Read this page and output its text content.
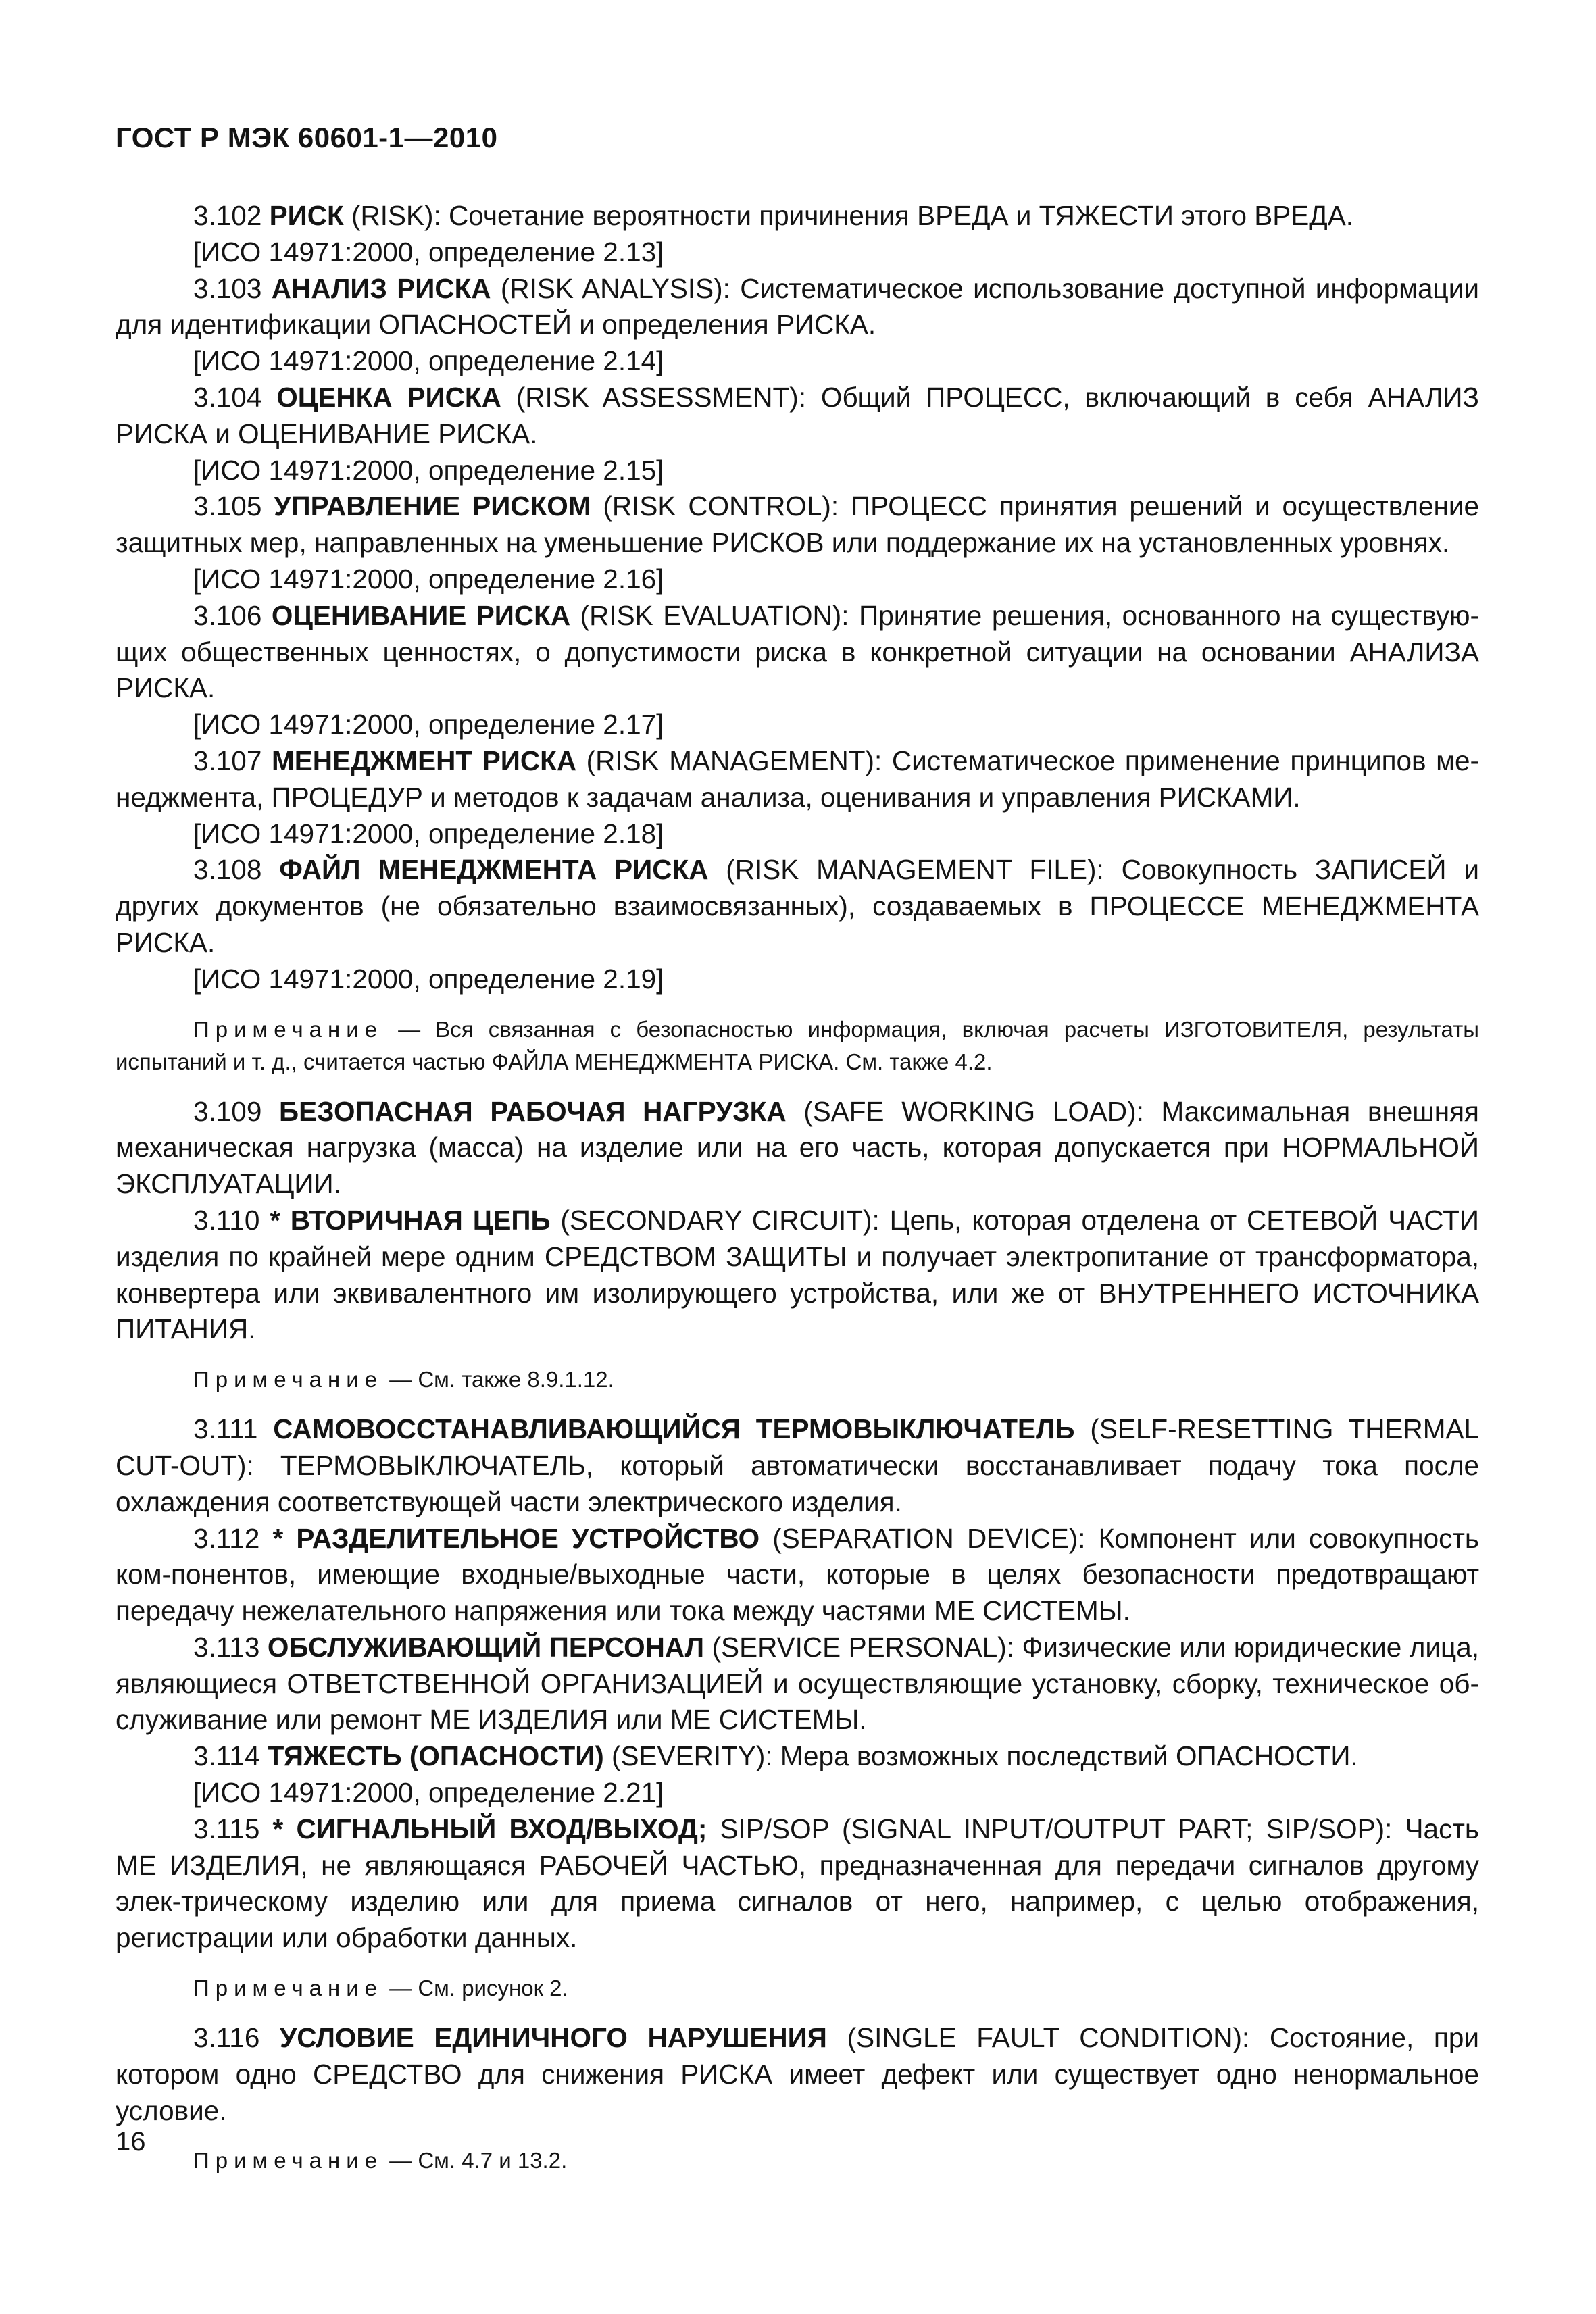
ГОСТ Р МЭК 60601-1—2010

3.102 РИСК (RISK): Сочетание вероятности причинения ВРЕДА и ТЯЖЕСТИ этого ВРЕДА.

[ИСО 14971:2000, определение 2.13]

3.103 АНАЛИЗ РИСКА (RISK ANALYSIS): Систематическое использование доступной информации для идентификации ОПАСНОСТЕЙ и определения РИСКА.

[ИСО 14971:2000, определение 2.14]

3.104 ОЦЕНКА РИСКА (RISK ASSESSMENT): Общий ПРОЦЕСС, включающий в себя АНАЛИЗ РИСКА и ОЦЕНИВАНИЕ РИСКА.

[ИСО 14971:2000, определение 2.15]

3.105 УПРАВЛЕНИЕ РИСКОМ (RISK CONTROL): ПРОЦЕСС принятия решений и осуществление защитных мер, направленных на уменьшение РИСКОВ или поддержание их на установленных уровнях.

[ИСО 14971:2000, определение 2.16]

3.106 ОЦЕНИВАНИЕ РИСКА (RISK EVALUATION): Принятие решения, основанного на существую-щих общественных ценностях, о допустимости риска в конкретной ситуации на основании АНАЛИЗА РИСКА.

[ИСО 14971:2000, определение 2.17]

3.107 МЕНЕДЖМЕНТ РИСКА (RISK MANAGEMENT): Систематическое применение принципов ме-неджмента, ПРОЦЕДУР и методов к задачам анализа, оценивания и управления РИСКАМИ.

[ИСО 14971:2000, определение 2.18]

3.108 ФАЙЛ МЕНЕДЖМЕНТА РИСКА (RISK MANAGEMENT FILE): Совокупность ЗАПИСЕЙ и других документов (не обязательно взаимосвязанных), создаваемых в ПРОЦЕССЕ МЕНЕДЖМЕНТА РИСКА.

[ИСО 14971:2000, определение 2.19]

Примечание — Вся связанная с безопасностью информация, включая расчеты ИЗГОТОВИТЕЛЯ, результаты испытаний и т. д., считается частью ФАЙЛА МЕНЕДЖМЕНТА РИСКА. См. также 4.2.

3.109 БЕЗОПАСНАЯ РАБОЧАЯ НАГРУЗКА (SAFE WORKING LOAD): Максимальная внешняя механическая нагрузка (масса) на изделие или на его часть, которая допускается при НОРМАЛЬНОЙ ЭКСПЛУАТАЦИИ.

3.110 * ВТОРИЧНАЯ ЦЕПЬ (SECONDARY CIRCUIT): Цепь, которая отделена от СЕТЕВОЙ ЧАСТИ изделия по крайней мере одним СРЕДСТВОМ ЗАЩИТЫ и получает электропитание от трансформатора, конвертера или эквивалентного им изолирующего устройства, или же от ВНУТРЕННЕГО ИСТОЧНИКА ПИТАНИЯ.

Примечание — См. также 8.9.1.12.

3.111 САМОВОССТАНАВЛИВАЮЩИЙСЯ ТЕРМОВЫКЛЮЧАТЕЛЬ (SELF-RESETTING THERMAL CUT-OUT): ТЕРМОВЫКЛЮЧАТЕЛЬ, который автоматически восстанавливает подачу тока после охлаждения соответствующей части электрического изделия.

3.112 * РАЗДЕЛИТЕЛЬНОЕ УСТРОЙСТВО (SEPARATION DEVICE): Компонент или совокупность ком-понентов, имеющие входные/выходные части, которые в целях безопасности предотвращают передачу нежелательного напряжения или тока между частями МЕ СИСТЕМЫ.

3.113 ОБСЛУЖИВАЮЩИЙ ПЕРСОНАЛ (SERVICE PERSONAL): Физические или юридические лица, являющиеся ОТВЕТСТВЕННОЙ ОРГАНИЗАЦИЕЙ и осуществляющие установку, сборку, техническое об-служивание или ремонт МЕ ИЗДЕЛИЯ или МЕ СИСТЕМЫ.

3.114 ТЯЖЕСТЬ (ОПАСНОСТИ) (SEVERITY): Мера возможных последствий ОПАСНОСТИ.

[ИСО 14971:2000, определение 2.21]

3.115 * СИГНАЛЬНЫЙ ВХОД/ВЫХОД; SIP/SOP (SIGNAL INPUT/OUTPUT PART; SIP/SOP): Часть МЕ ИЗДЕЛИЯ, не являющаяся РАБОЧЕЙ ЧАСТЬЮ, предназначенная для передачи сигналов другому элек-трическому изделию или для приема сигналов от него, например, с целью отображения, регистрации или обработки данных.

Примечание — См. рисунок 2.

3.116 УСЛОВИЕ ЕДИНИЧНОГО НАРУШЕНИЯ (SINGLE FAULT CONDITION): Состояние, при котором одно СРЕДСТВО для снижения РИСКА имеет дефект или существует одно ненормальное условие.

Примечание — См. 4.7 и 13.2.

16
